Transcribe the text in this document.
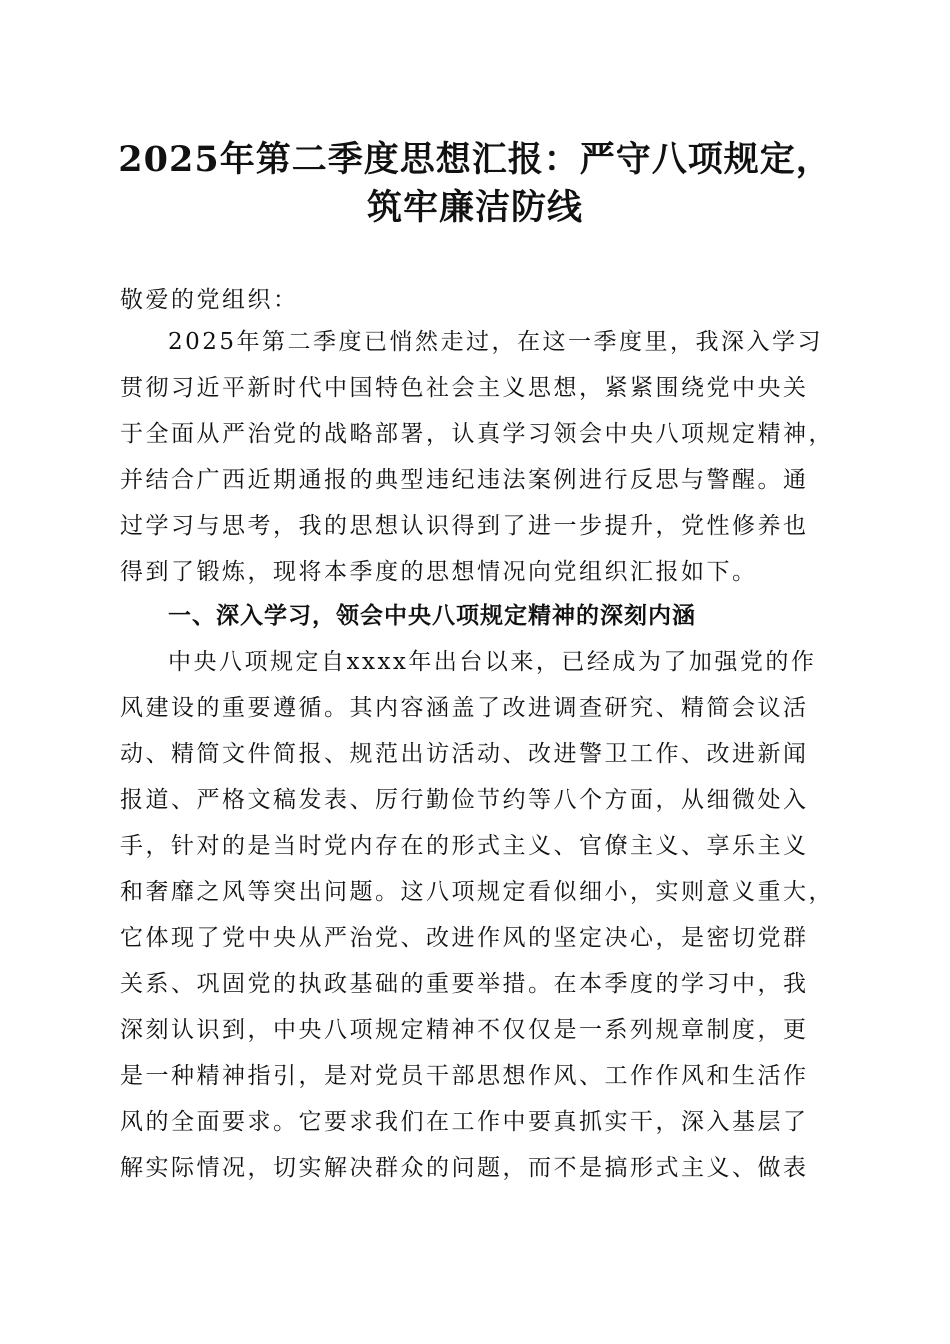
2025年第二季度思想汇报：严守八项规定，
筑牢廉洁防线

敬爱的党组织：

2025年第二季度已悄然走过，在这一季度里，我深入学习

贯彻习近平新时代中国特色社会主义思想，紧紧围绕党中央关

于全面从严治党的战略部署，认真学习领会中央八项规定精神，

并结合广西近期通报的典型违纪违法案例进行反思与警醒。通

过学习与思考，我的思想认识得到了进一步提升，党性修养也

得到了锻炼，现将本季度的思想情况向党组织汇报如下。

一、深入学习，领会中央八项规定精神的深刻内涵

中央八项规定自xxxx年出台以来，已经成为了加强党的作

风建设的重要遵循。其内容涵盖了改进调查研究、精简会议活

动、精简文件简报、规范出访活动、改进警卫工作、改进新闻

报道、严格文稿发表、厉行勤俭节约等八个方面，从细微处入

手，针对的是当时党内存在的形式主义、官僚主义、享乐主义

和奢靡之风等突出问题。这八项规定看似细小，实则意义重大，

它体现了党中央从严治党、改进作风的坚定决心，是密切党群

关系、巩固党的执政基础的重要举措。在本季度的学习中，我

深刻认识到，中央八项规定精神不仅仅是一系列规章制度，更

是一种精神指引，是对党员干部思想作风、工作作风和生活作

风的全面要求。它要求我们在工作中要真抓实干，深入基层了

解实际情况，切实解决群众的问题，而不是搞形式主义、做表
